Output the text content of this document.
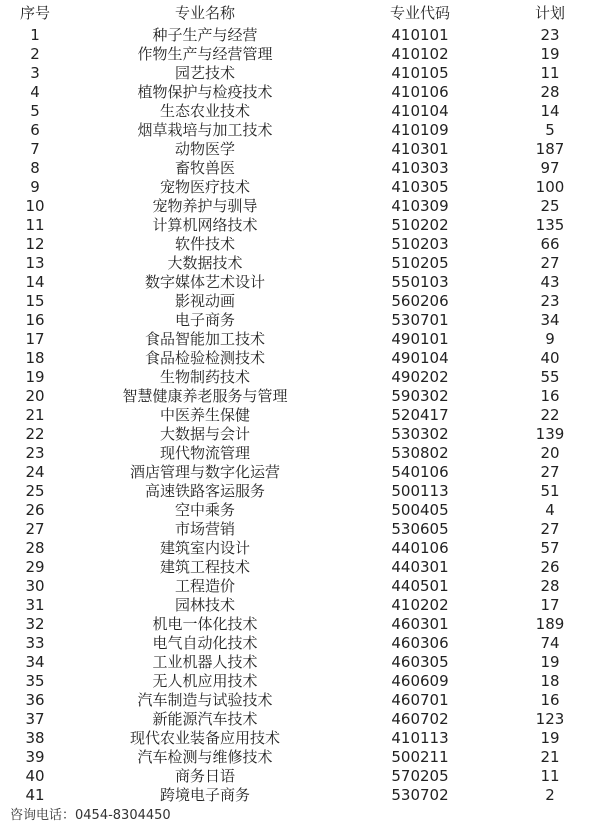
序号	专业名称	专业代码	计划
1	种子生产与经营	410101	23
2	作物生产与经营管理	410102	19
3	园艺技术	410105	11
4	植物保护与检疫技术	410106	28
5	生态农业技术	410104	14
6	烟草栽培与加工技术	410109	5
7	动物医学	410301	187
8	畜牧兽医	410303	97
9	宠物医疗技术	410305	100
10	宠物养护与驯导	410309	25
11	计算机网络技术	510202	135
12	软件技术	510203	66
13	大数据技术	510205	27
14	数字媒体艺术设计	550103	43
15	影视动画	560206	23
16	电子商务	530701	34
17	食品智能加工技术	490101	9
18	食品检验检测技术	490104	40
19	生物制药技术	490202	55
20	智慧健康养老服务与管理	590302	16
21	中医养生保健	520417	22
22	大数据与会计	530302	139
23	现代物流管理	530802	20
24	酒店管理与数字化运营	540106	27
25	高速铁路客运服务	500113	51
26	空中乘务	500405	4
27	市场营销	530605	27
28	建筑室内设计	440106	57
29	建筑工程技术	440301	26
30	工程造价	440501	28
31	园林技术	410202	17
32	机电一体化技术	460301	189
33	电气自动化技术	460306	74
34	工业机器人技术	460305	19
35	无人机应用技术	460609	18
36	汽车制造与试验技术	460701	16
37	新能源汽车技术	460702	123
38	现代农业装备应用技术	410113	19
39	汽车检测与维修技术	500211	21
40	商务日语	570205	11
41	跨境电子商务	530702	2
咨询电话：0454-8304450
